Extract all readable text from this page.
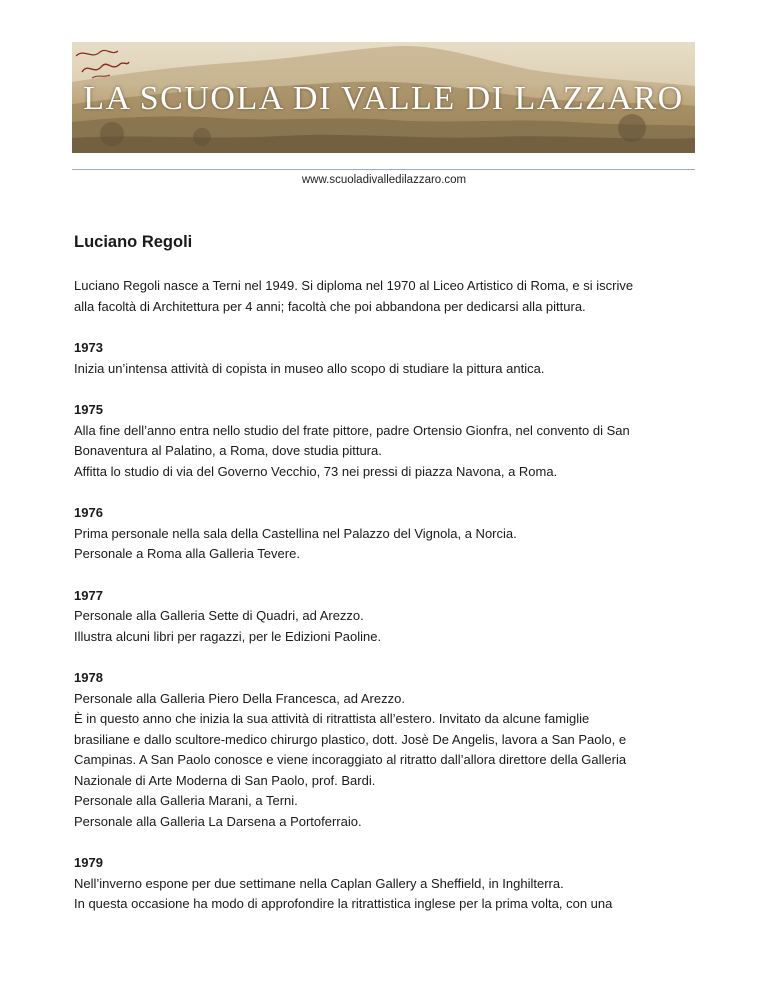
LA SCUOLA DI VALLE DI LAZZARO
www.scuoladivalledilazzaro.com
Luciano Regoli
Luciano Regoli nasce a Terni nel 1949. Si diploma nel 1970 al Liceo Artistico di Roma, e si iscrive
alla facoltà di Architettura per 4 anni; facoltà che poi abbandona per dedicarsi alla pittura.
1973
Inizia un’intensa attività di copista in museo allo scopo di studiare la pittura antica.
1975
Alla fine dell’anno entra nello studio del frate pittore, padre Ortensio Gionfra, nel convento di San
Bonaventura al Palatino, a Roma, dove studia pittura.
Affitta lo studio di via del Governo Vecchio, 73 nei pressi di piazza Navona, a Roma.
1976
Prima personale nella sala della Castellina nel Palazzo del Vignola, a Norcia.
Personale a Roma alla Galleria Tevere.
1977
Personale alla Galleria Sette di Quadri, ad Arezzo.
Illustra alcuni libri per ragazzi, per le Edizioni Paoline.
1978
Personale alla Galleria Piero Della Francesca, ad Arezzo.
È in questo anno che inizia la sua attività di ritrattista all’estero. Invitato da alcune famiglie
brasiliane e dallo scultore-medico chirurgo plastico, dott. Josè De Angelis, lavora a San Paolo, e
Campinas. A San Paolo conosce e viene incoraggiato al ritratto dall’allora direttore della Galleria
Nazionale di Arte Moderna di San Paolo, prof. Bardi.
Personale alla Galleria Marani, a Terni.
Personale alla Galleria La Darsena a Portoferraio.
1979
Nell’inverno espone per due settimane nella Caplan Gallery a Sheffield, in Inghilterra.
In questa occasione ha modo di approfondire la ritrattistica inglese per la prima volta, con una
